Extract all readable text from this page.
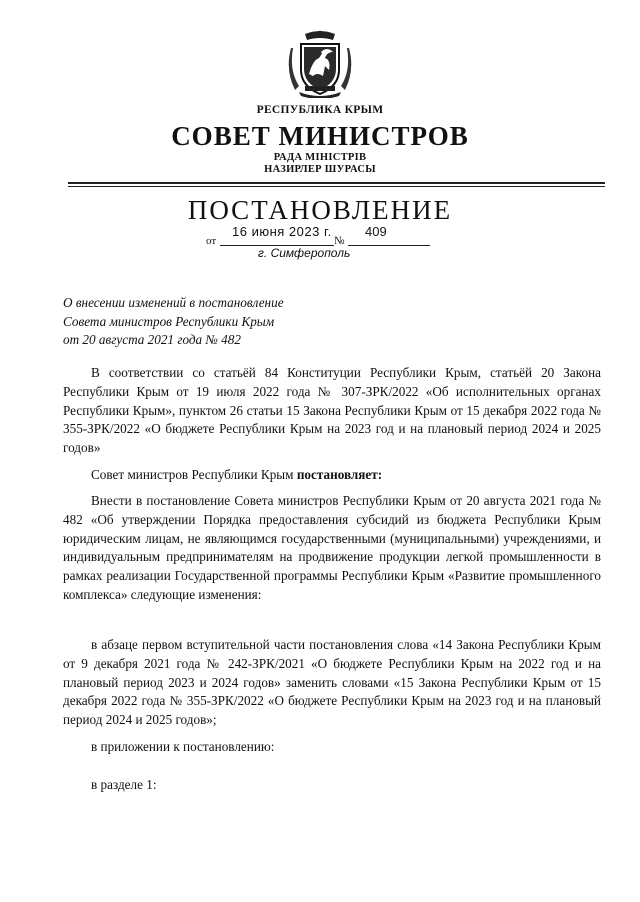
РЕСПУБЛИКА КРЫМ
СОВЕТ МИНИСТРОВ
РАДА МІНІСТРІВ
НАЗИРЛЕР ШУРАСЫ
ПОСТАНОВЛЕНИЕ
16 июня 2023 г.	409
от	№
г. Симферополь
О внесении изменений в постановление
Совета министров Республики Крым
от 20 августа 2021 года № 482

В соответствии со статьёй 84 Конституции Республики Крым, статьёй 20 Закона Республики Крым от 19 июля 2022 года № 307-ЗРК/2022 «Об исполнительных органах Республики Крым», пунктом 26 статьи 15 Закона Республики Крым от 15 декабря 2022 года № 355-ЗРК/2022 «О бюджете Республики Крым на 2023 год и на плановый период 2024 и 2025 годов»

Совет министров Республики Крым постановляет:

Внести в постановление Совета министров Республики Крым от 20 августа 2021 года № 482 «Об утверждении Порядка предоставления субсидий из бюджета Республики Крым юридическим лицам, не являющимся государственными (муниципальными) учреждениями, и индивидуальным предпринимателям на продвижение продукции легкой промышленности в рамках реализации Государственной программы Республики Крым «Развитие промышленного комплекса» следующие изменения:

в абзаце первом вступительной части постановления слова «14 Закона Республики Крым от 9 декабря 2021 года № 242-ЗРК/2021 «О бюджете Республики Крым на 2022 год и на плановый период 2023 и 2024 годов» заменить словами «15 Закона Республики Крым от 15 декабря 2022 года № 355-ЗРК/2022 «О бюджете Республики Крым на 2023 год и на плановый период 2024 и 2025 годов»;

в приложении к постановлению:

в разделе 1:
